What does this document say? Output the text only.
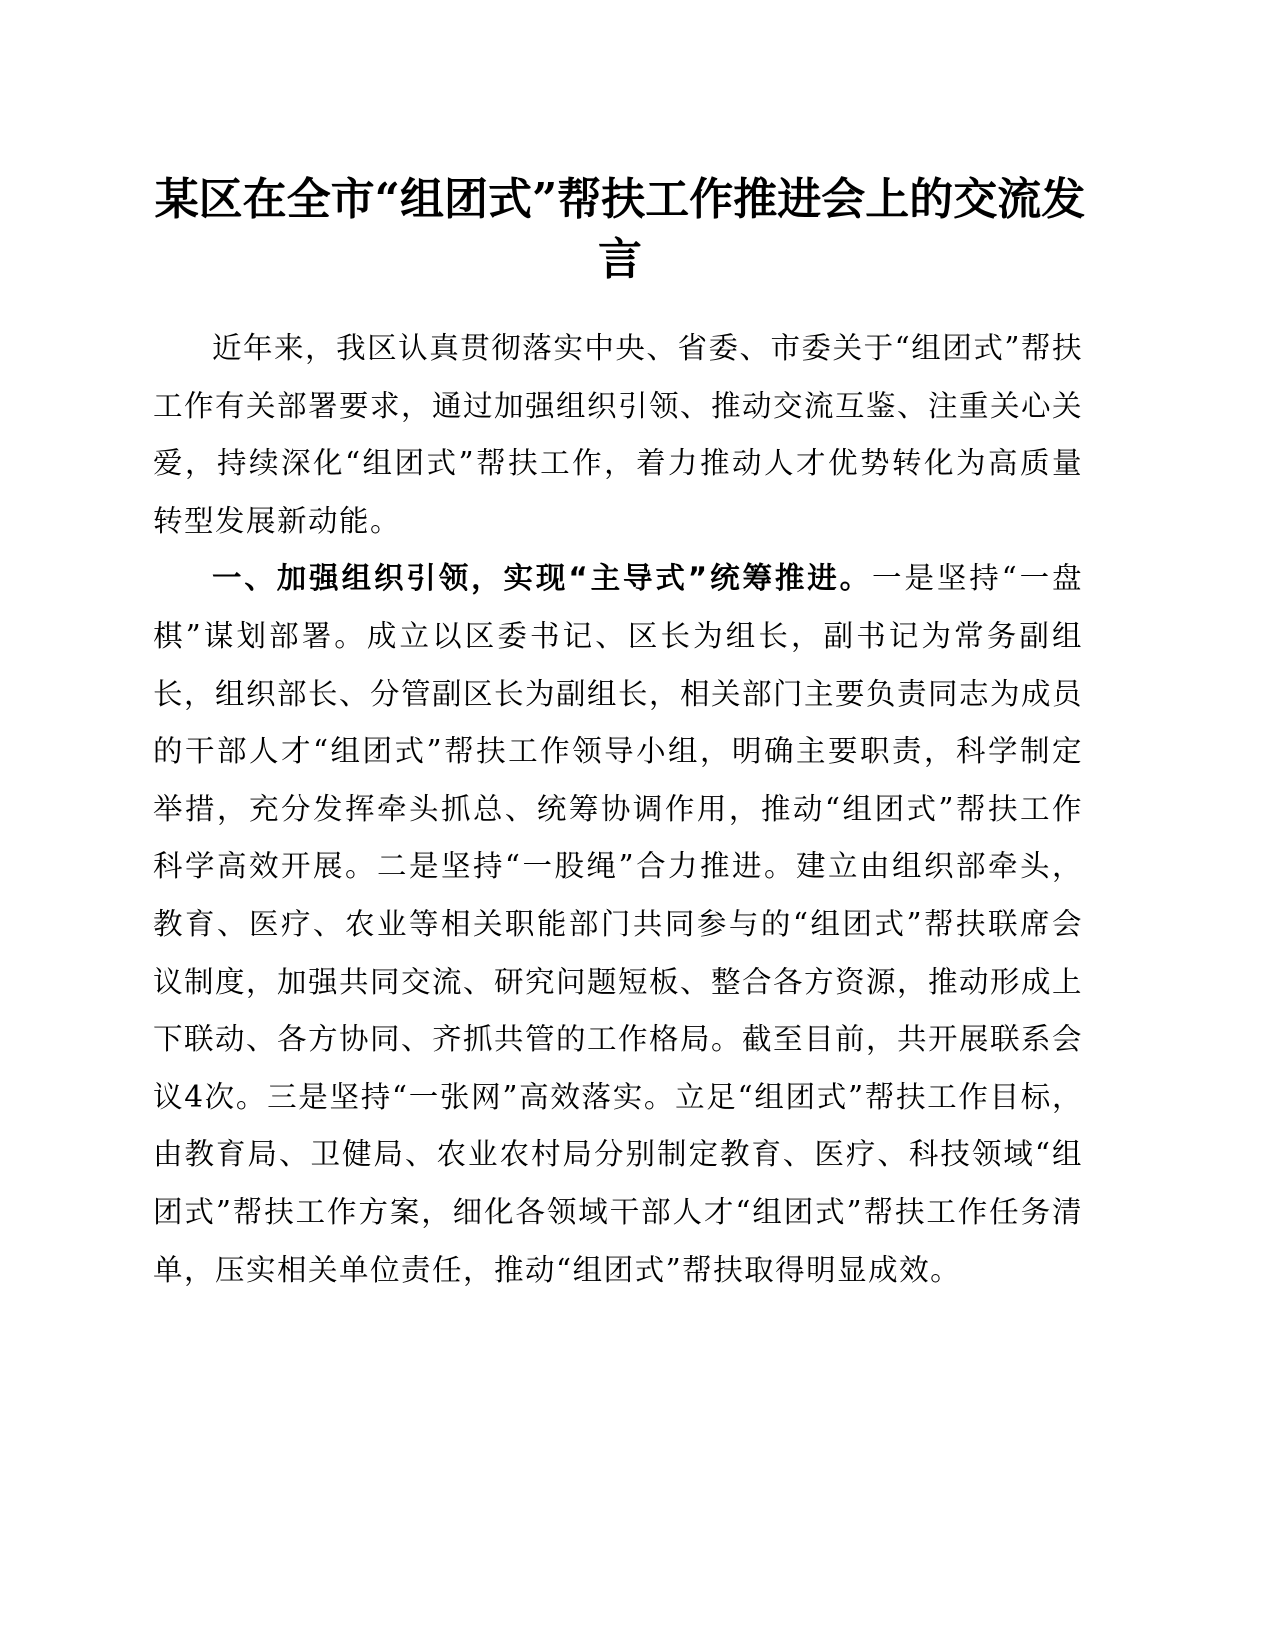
某区在全市“组团式”帮扶工作推进会上的交流发言

近年来，我区认真贯彻落实中央、省委、市委关于“组团式”帮扶工作有关部署要求，通过加强组织引领、推动交流互鉴、注重关心关爱，持续深化“组团式”帮扶工作，着力推动人才优势转化为高质量转型发展新动能。

一、加强组织引领，实现“主导式”统筹推进。一是坚持“一盘棋”谋划部署。成立以区委书记、区长为组长，副书记为常务副组长，组织部长、分管副区长为副组长，相关部门主要负责同志为成员的干部人才“组团式”帮扶工作领导小组，明确主要职责，科学制定举措，充分发挥牵头抓总、统筹协调作用，推动“组团式”帮扶工作科学高效开展。二是坚持“一股绳”合力推进。建立由组织部牵头，教育、医疗、农业等相关职能部门共同参与的“组团式”帮扶联席会议制度，加强共同交流、研究问题短板、整合各方资源，推动形成上下联动、各方协同、齐抓共管的工作格局。截至目前，共开展联系会议4次。三是坚持“一张网”高效落实。立足“组团式”帮扶工作目标，由教育局、卫健局、农业农村局分别制定教育、医疗、科技领域“组团式”帮扶工作方案，细化各领域干部人才“组团式”帮扶工作任务清单，压实相关单位责任，推动“组团式”帮扶取得明显成效。
